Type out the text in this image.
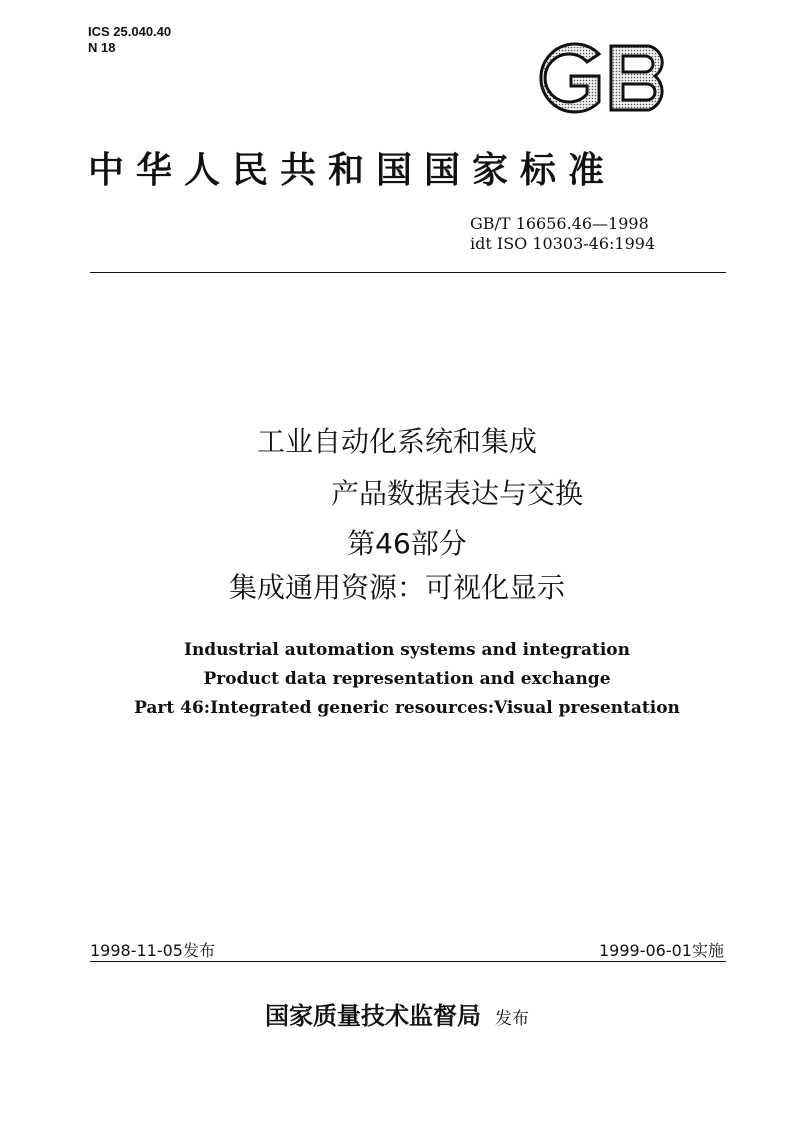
ICS 25.040.40
N 18
中华人民共和国国家标准
GB/T 16656.46—1998
idt ISO 10303-46:1994
工业自动化系统和集成
产品数据表达与交换
第46部分
集成通用资源：可视化显示
Industrial automation systems and integration
Product data representation and exchange
Part 46:Integrated generic resources:Visual presentation
1998-11-05发布	1999-06-01实施
国家质量技术监督局 发布
